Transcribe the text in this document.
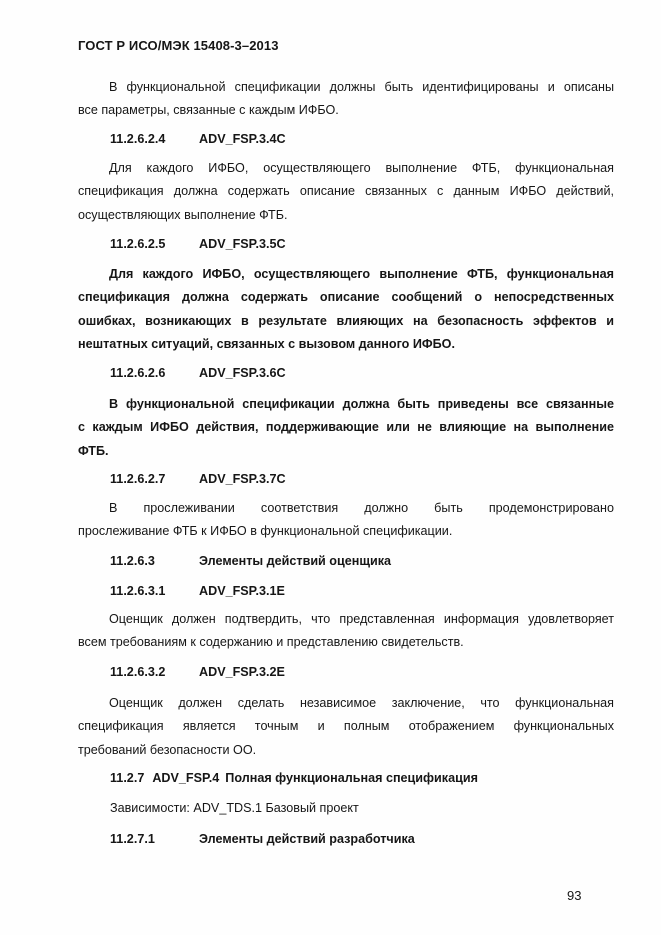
ГОСТ Р ИСО/МЭК 15408-3–2013
В функциональной спецификации должны быть идентифицированы и описаны
все параметры, связанные с каждым ИФБО.
11.2.6.2.4	ADV_FSP.3.4C
Для каждого ИФБО, осуществляющего выполнение ФТБ, функциональная
спецификация должна содержать описание связанных с данным ИФБО действий,
осуществляющих выполнение ФТБ.
11.2.6.2.5	ADV_FSP.3.5C
Для каждого ИФБО, осуществляющего выполнение ФТБ, функциональная
спецификация должна содержать описание сообщений о непосредственных
ошибках, возникающих в результате влияющих на безопасность эффектов и
нештатных ситуаций, связанных с вызовом данного ИФБО.
11.2.6.2.6	ADV_FSP.3.6C
В функциональной спецификации должна быть приведены все связанные
с каждым ИФБО действия, поддерживающие или не влияющие на выполнение
ФТБ.
11.2.6.2.7	ADV_FSP.3.7C
В прослеживании соответствия должно быть продемонстрировано
прослеживание ФТБ к ИФБО в функциональной спецификации.
11.2.6.3	Элементы действий оценщика
11.2.6.3.1	ADV_FSP.3.1E
Оценщик должен подтвердить, что представленная информация удовлетворяет
всем требованиям к содержанию и представлению свидетельств.
11.2.6.3.2	ADV_FSP.3.2E
Оценщик должен сделать независимое заключение, что функциональная
спецификация является точным и полным отображением функциональных
требований безопасности ОО.
11.2.7 ADV_FSP.4 Полная функциональная спецификация
Зависимости: ADV_TDS.1 Базовый проект
11.2.7.1	Элементы действий разработчика
93
